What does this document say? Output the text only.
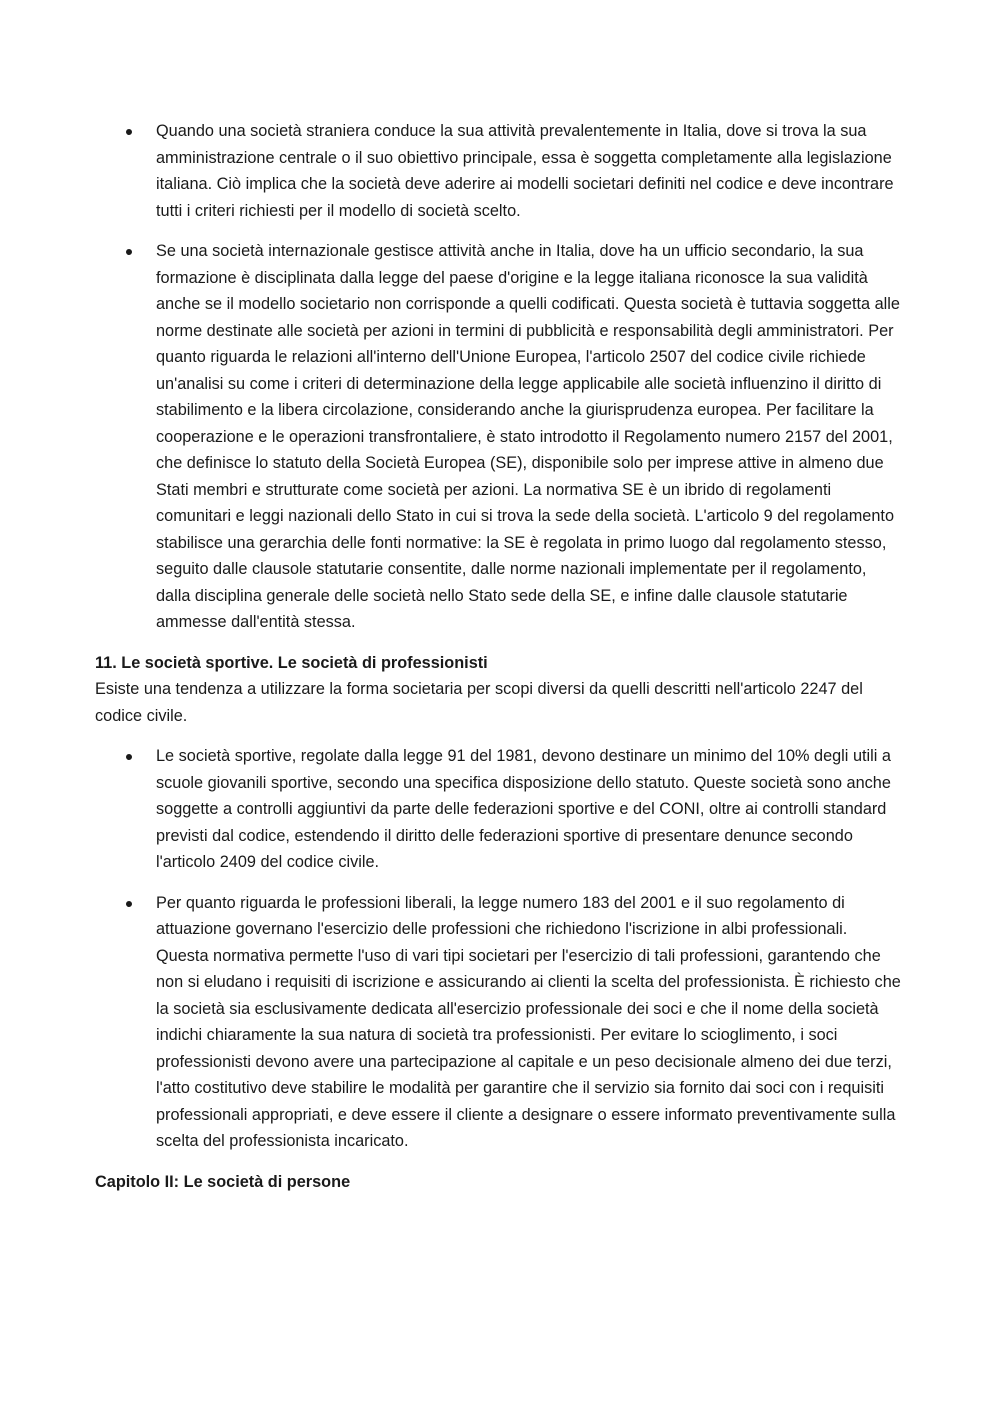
Quando una società straniera conduce la sua attività prevalentemente in Italia, dove si trova la sua amministrazione centrale o il suo obiettivo principale, essa è soggetta completamente alla legislazione italiana. Ciò implica che la società deve aderire ai modelli societari definiti nel codice e deve incontrare tutti i criteri richiesti per il modello di società scelto.
Se una società internazionale gestisce attività anche in Italia, dove ha un ufficio secondario, la sua formazione è disciplinata dalla legge del paese d'origine e la legge italiana riconosce la sua validità anche se il modello societario non corrisponde a quelli codificati. Questa società è tuttavia soggetta alle norme destinate alle società per azioni in termini di pubblicità e responsabilità degli amministratori. Per quanto riguarda le relazioni all'interno dell'Unione Europea, l'articolo 2507 del codice civile richiede un'analisi su come i criteri di determinazione della legge applicabile alle società influenzino il diritto di stabilimento e la libera circolazione, considerando anche la giurisprudenza europea. Per facilitare la cooperazione e le operazioni transfrontaliere, è stato introdotto il Regolamento numero 2157 del 2001, che definisce lo statuto della Società Europea (SE), disponibile solo per imprese attive in almeno due Stati membri e strutturate come società per azioni. La normativa SE è un ibrido di regolamenti comunitari e leggi nazionali dello Stato in cui si trova la sede della società. L'articolo 9 del regolamento stabilisce una gerarchia delle fonti normative: la SE è regolata in primo luogo dal regolamento stesso, seguito dalle clausole statutarie consentite, dalle norme nazionali implementate per il regolamento, dalla disciplina generale delle società nello Stato sede della SE, e infine dalle clausole statutarie ammesse dall'entità stessa.
11. Le società sportive. Le società di professionisti

Esiste una tendenza a utilizzare la forma societaria per scopi diversi da quelli descritti nell'articolo 2247 del codice civile.

Le società sportive, regolate dalla legge 91 del 1981, devono destinare un minimo del 10% degli utili a scuole giovanili sportive, secondo una specifica disposizione dello statuto. Queste società sono anche soggette a controlli aggiuntivi da parte delle federazioni sportive e del CONI, oltre ai controlli standard previsti dal codice, estendendo il diritto delle federazioni sportive di presentare denunce secondo l'articolo 2409 del codice civile.
Per quanto riguarda le professioni liberali, la legge numero 183 del 2001 e il suo regolamento di attuazione governano l'esercizio delle professioni che richiedono l'iscrizione in albi professionali. Questa normativa permette l'uso di vari tipi societari per l'esercizio di tali professioni, garantendo che non si eludano i requisiti di iscrizione e assicurando ai clienti la scelta del professionista. È richiesto che la società sia esclusivamente dedicata all'esercizio professionale dei soci e che il nome della società indichi chiaramente la sua natura di società tra professionisti. Per evitare lo scioglimento, i soci professionisti devono avere una partecipazione al capitale e un peso decisionale almeno dei due terzi, l'atto costitutivo deve stabilire le modalità per garantire che il servizio sia fornito dai soci con i requisiti professionali appropriati, e deve essere il cliente a designare o essere informato preventivamente sulla scelta del professionista incaricato.
Capitolo II: Le società di persone
